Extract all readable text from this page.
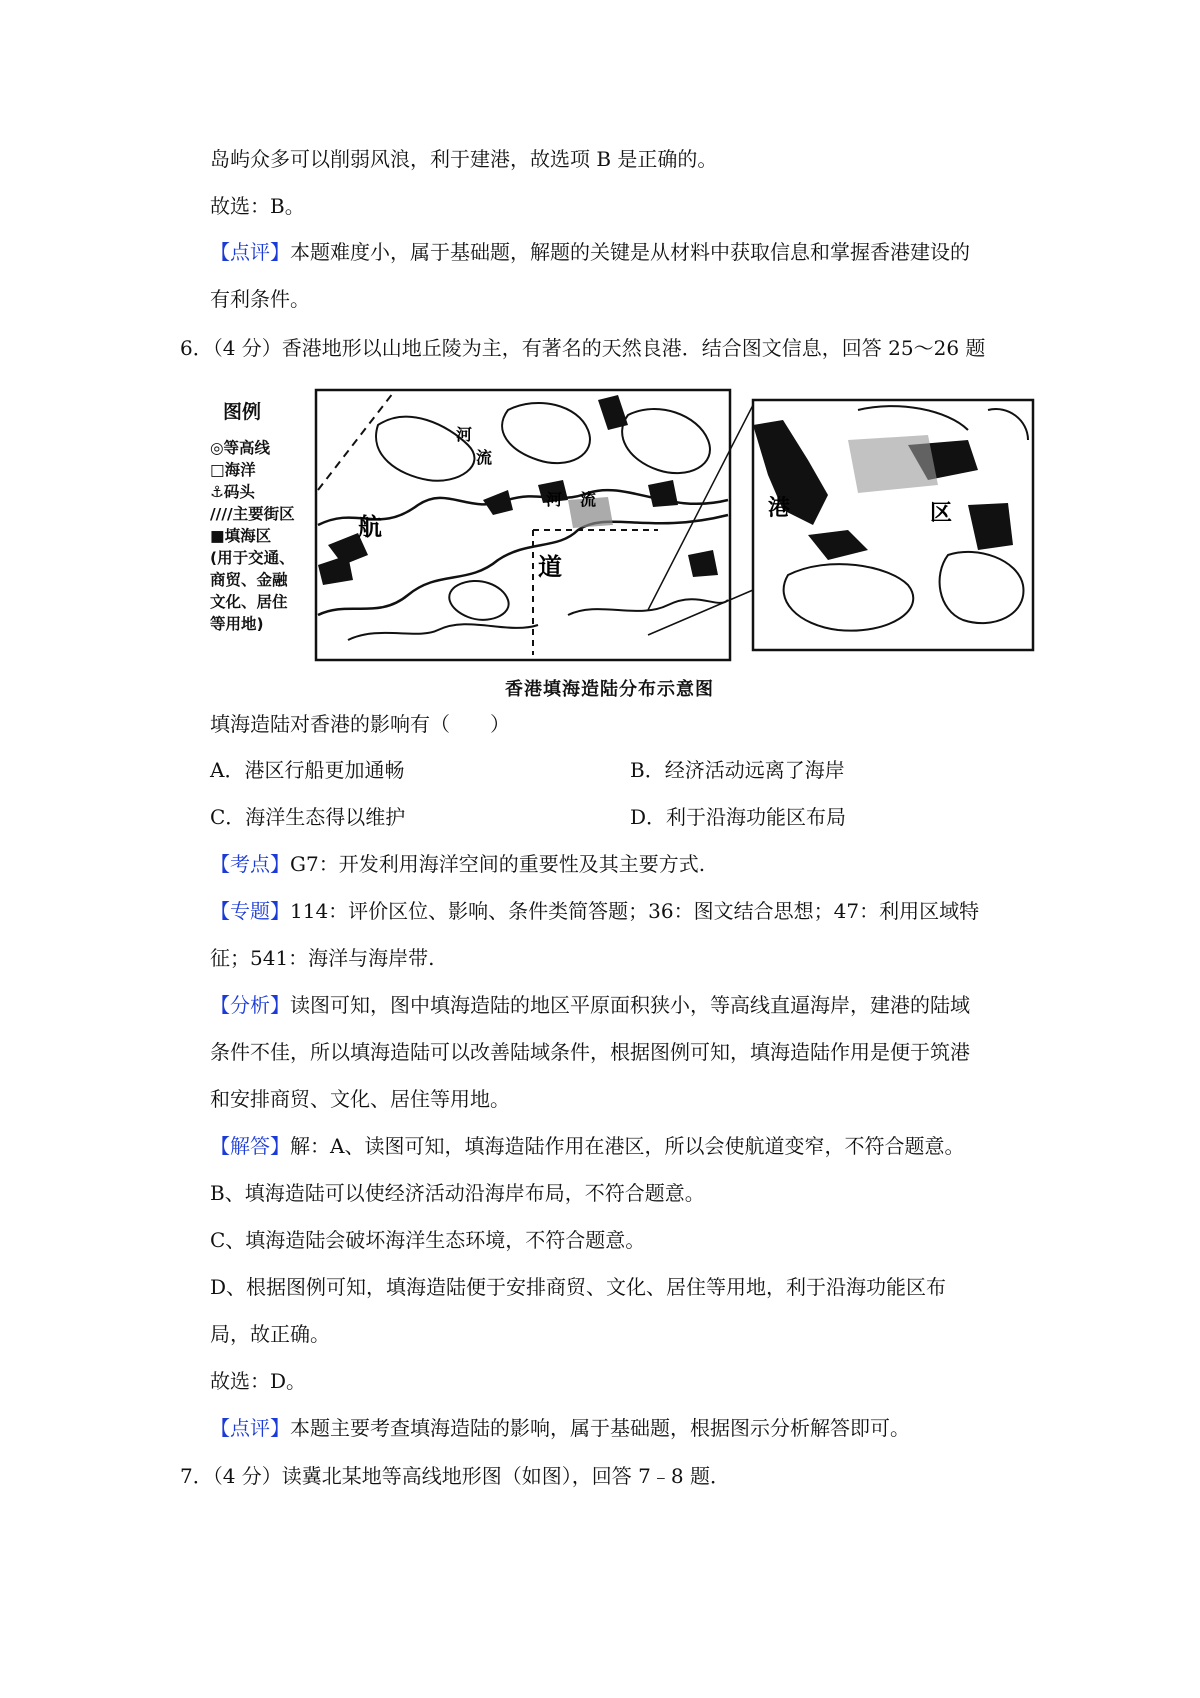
岛屿众多可以削弱风浪，利于建港，故选项 B 是正确的。
故选：B。
【点评】本题难度小，属于基础题，解题的关键是从材料中获取信息和掌握香港建设的
有利条件。
6．（4 分）香港地形以山地丘陵为主，有著名的天然良港．结合图文信息，回答 25～26 题
图例
◎等高线
□海洋
⚓码头
////主要街区
■填海区
(用于交通、
商贸、金融
文化、居住
等用地)
河
流
河 流
航
道
港	区
香港填海造陆分布示意图
填海造陆对香港的影响有（　　）
A．港区行船更加通畅	B．经济活动远离了海岸
C．海洋生态得以维护	D．利于沿海功能区布局
【考点】G7：开发利用海洋空间的重要性及其主要方式.
【专题】114：评价区位、影响、条件类简答题；36：图文结合思想；47：利用区域特
征；541：海洋与海岸带.
【分析】读图可知，图中填海造陆的地区平原面积狭小，等高线直逼海岸，建港的陆域
条件不佳，所以填海造陆可以改善陆域条件，根据图例可知，填海造陆作用是便于筑港
和安排商贸、文化、居住等用地。
【解答】解：A、读图可知，填海造陆作用在港区，所以会使航道变窄，不符合题意。
B、填海造陆可以使经济活动沿海岸布局，不符合题意。
C、填海造陆会破坏海洋生态环境，不符合题意。
D、根据图例可知，填海造陆便于安排商贸、文化、居住等用地，利于沿海功能区布
局，故正确。
故选：D。
【点评】本题主要考查填海造陆的影响，属于基础题，根据图示分析解答即可。
7．（4 分）读冀北某地等高线地形图（如图），回答 7﹣8 题．
